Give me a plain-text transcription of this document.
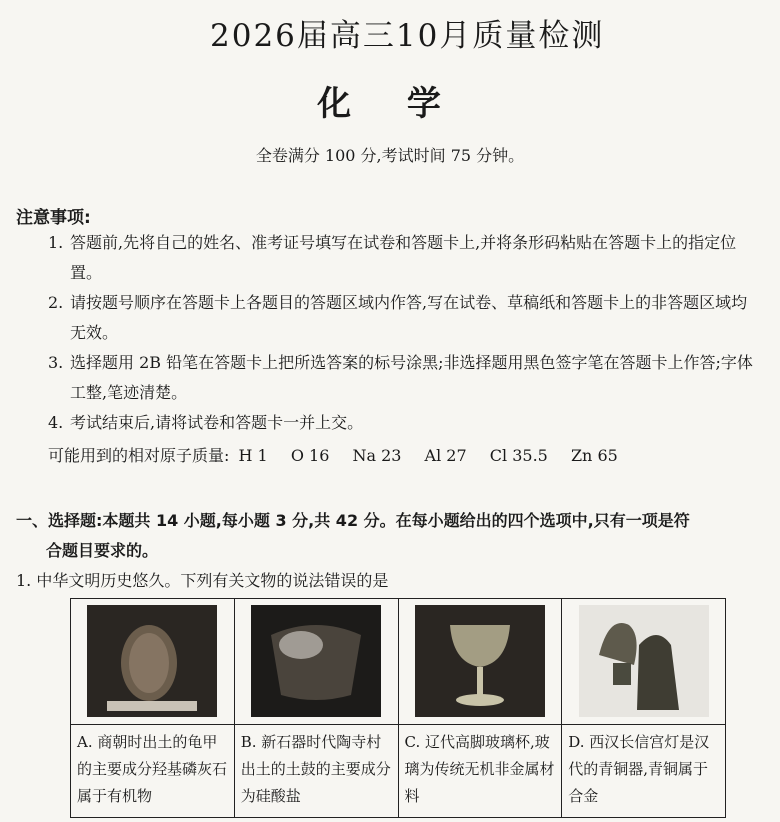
2026届高三10月质量检测
化 学
全卷满分 100 分,考试时间 75 分钟。
注意事项:

1. 答题前,先将自己的姓名、准考证号填写在试卷和答题卡上,并将条形码粘贴在答题卡上的指定位置。

2. 请按题号顺序在答题卡上各题目的答题区域内作答,写在试卷、草稿纸和答题卡上的非答题区域均无效。

3. 选择题用 2B 铅笔在答题卡上把所选答案的标号涂黑;非选择题用黑色签字笔在答题卡上作答;字体工整,笔迹清楚。

4. 考试结束后,请将试卷和答题卡一并上交。

可能用到的相对原子质量: H 1 O 16 Na 23 Al 27 Cl 35.5 Zn 65
一、选择题:本题共 14 小题,每小题 3 分,共 42 分。在每小题给出的四个选项中,只有一项是符
合题目要求的。
1. 中华文明历史悠久。下列有关文物的说法错误的是

A. 商朝时出土的龟甲的主要成分羟基磷灰石属于有机物	B. 新石器时代陶寺村出土的土鼓的主要成分为硅酸盐	C. 辽代高脚玻璃杯,玻璃为传统无机非金属材料	D. 西汉长信宫灯是汉代的青铜器,青铜属于合金
